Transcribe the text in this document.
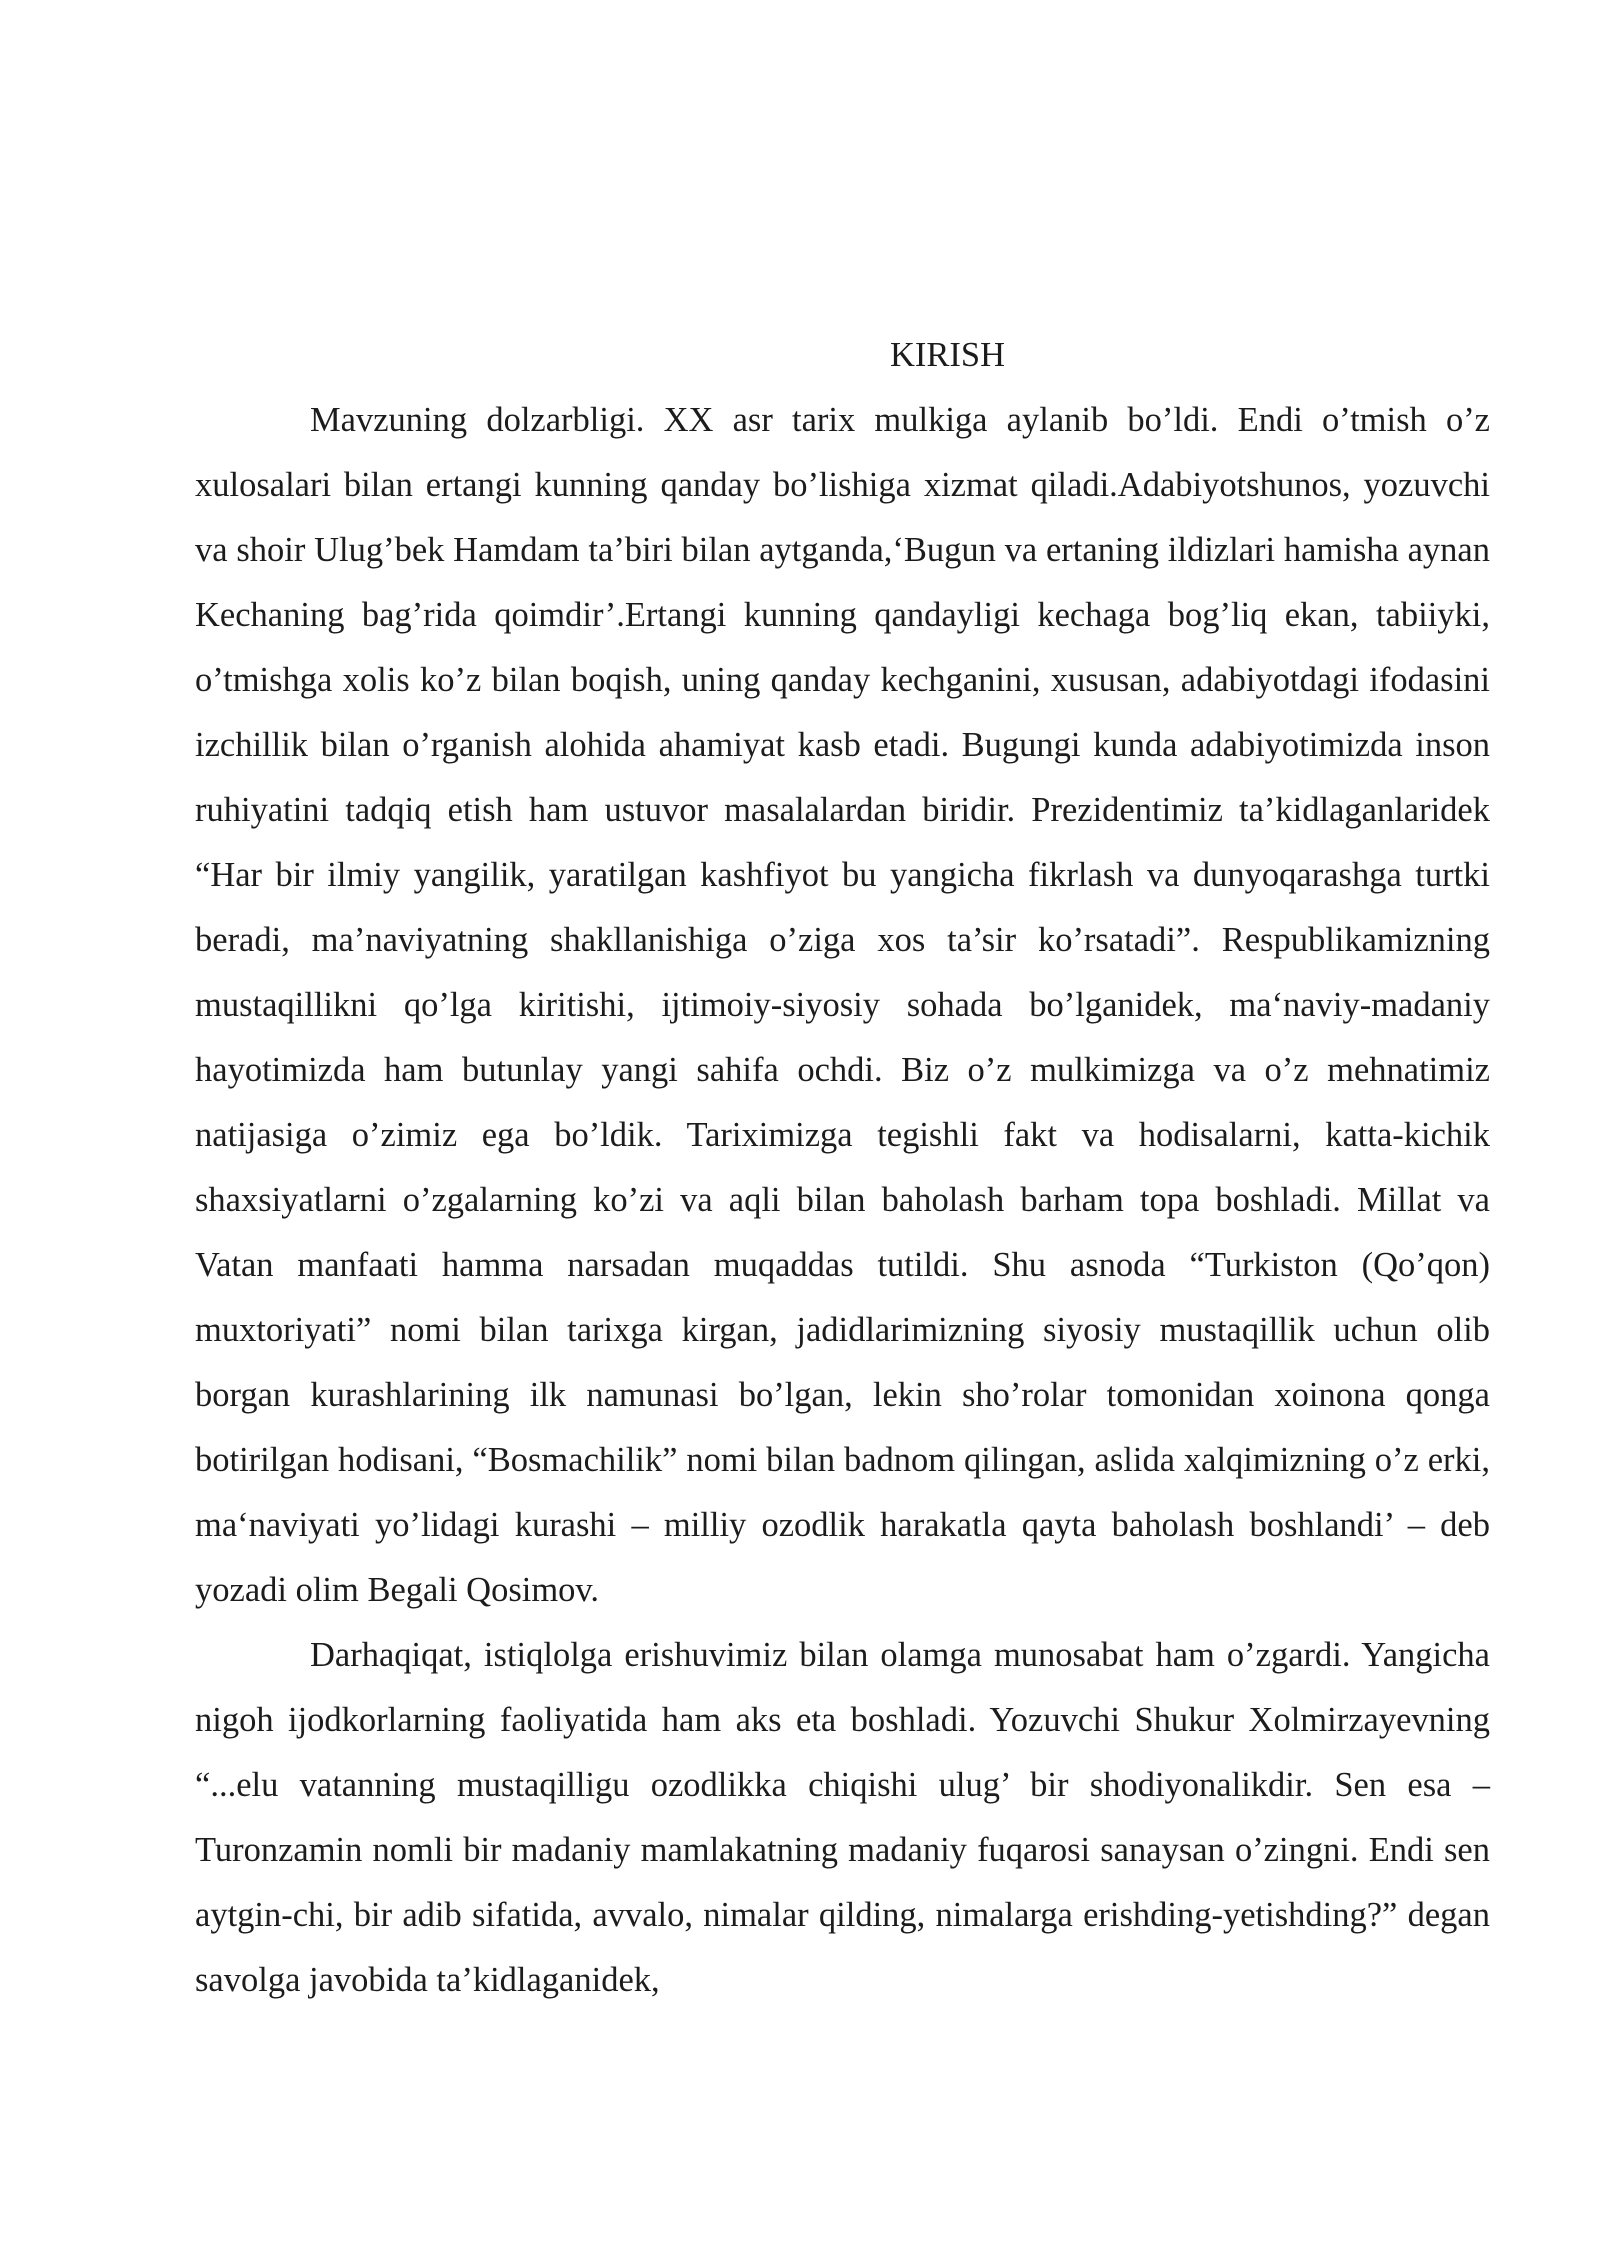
KIRISH

Mavzuning dolzarbligi. XX asr tarix mulkiga aylanib bo’ldi. Endi o’tmish o’z xulosalari bilan ertangi kunning qanday bo’lishiga xizmat qiladi.Adabiyotshunos, yozuvchi va shoir Ulug’bek Hamdam ta’biri bilan aytganda,‘Bugun va ertaning ildizlari hamisha aynan Kechaning bag’rida qoimdir’.Ertangi kunning qandayligi kechaga bog’liq ekan, tabiiyki, o’tmishga xolis ko’z bilan boqish, uning qanday kechganini, xususan, adabiyotdagi ifodasini izchillik bilan o’rganish alohida ahamiyat kasb etadi. Bugungi kunda adabiyotimizda inson ruhiyatini tadqiq etish ham ustuvor masalalardan biridir. Prezidentimiz ta’kidlaganlaridek “Har bir ilmiy yangilik, yaratilgan kashfiyot bu yangicha fikrlash va dunyoqarashga turtki beradi, ma’naviyatning shakllanishiga o’ziga xos ta’sir ko’rsatadi”. Respublikamizning mustaqillikni qo’lga kiritishi, ijtimoiy-siyosiy sohada bo’lganidek, ma‘naviy-madaniy hayotimizda ham butunlay yangi sahifa ochdi. Biz o’z mulkimizga va o’z mehnatimiz natijasiga o’zimiz ega bo’ldik. Tariximizga tegishli fakt va hodisalarni, katta-kichik shaxsiyatlarni o’zgalarning ko’zi va aqli bilan baholash barham topa boshladi. Millat va Vatan manfaati hamma narsadan muqaddas tutildi. Shu asnoda “Turkiston (Qo’qon) muxtoriyati” nomi bilan tarixga kirgan, jadidlarimizning siyosiy mustaqillik uchun olib borgan kurashlarining ilk namunasi bo’lgan, lekin sho’rolar tomonidan xoinona qonga botirilgan hodisani, “Bosmachilik” nomi bilan badnom qilingan, aslida xalqimizning o’z erki, ma‘naviyati yo’lidagi kurashi – milliy ozodlik harakatla qayta baholash boshlandi’ – deb yozadi olim Begali Qosimov.

Darhaqiqat, istiqlolga erishuvimiz bilan olamga munosabat ham o’zgardi. Yangicha nigoh ijodkorlarning faoliyatida ham aks eta boshladi. Yozuvchi Shukur Xolmirzayevning “...elu vatanning mustaqilligu ozodlikka chiqishi ulug’ bir shodiyonalikdir. Sen esa – Turonzamin nomli bir madaniy mamlakatning madaniy fuqarosi sanaysan o’zingni. Endi sen aytgin-chi, bir adib sifatida, avvalo, nimalar qilding, nimalarga erishding-yetishding?” degan savolga javobida ta’kidlaganidek,
